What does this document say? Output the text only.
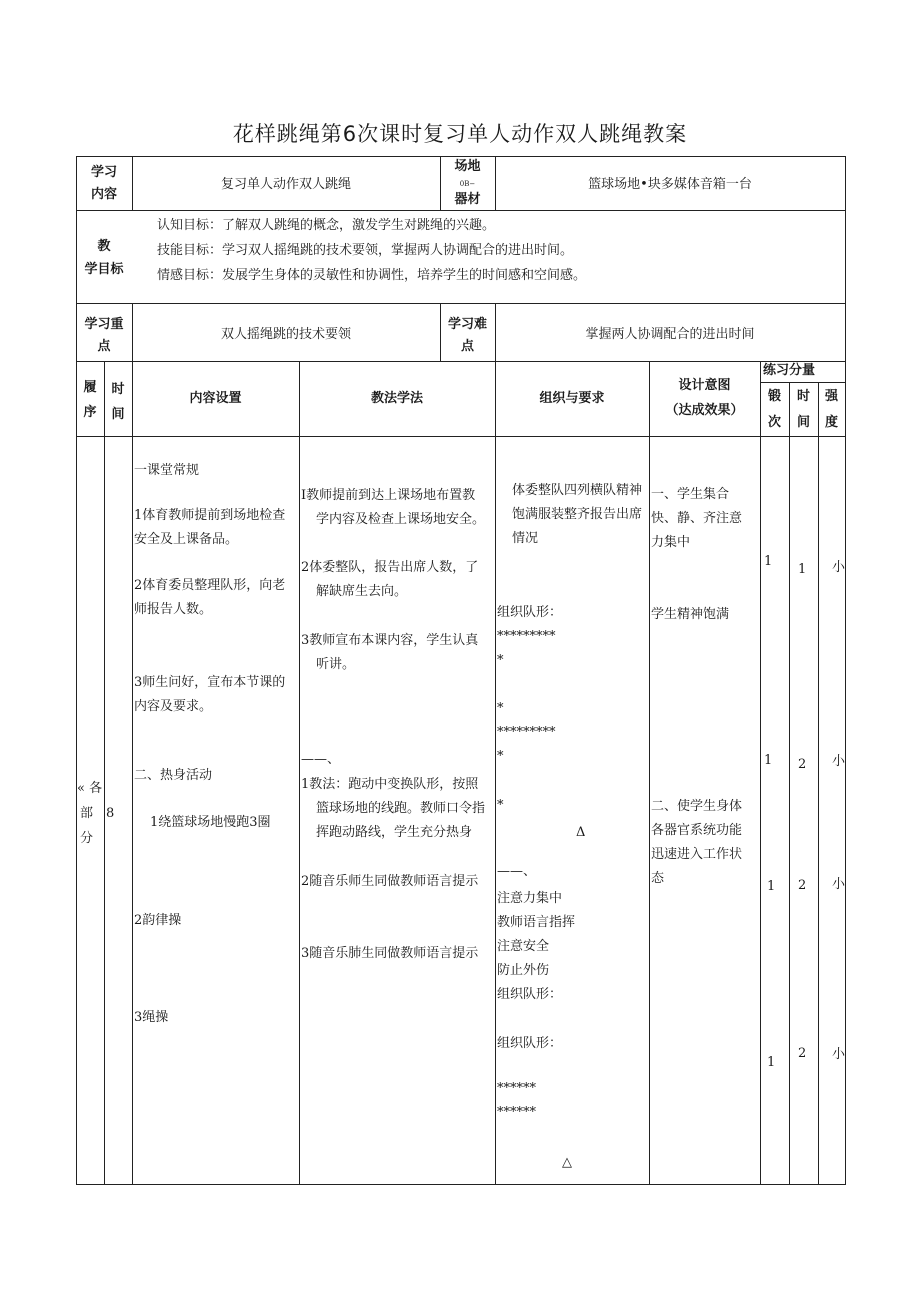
花样跳绳第6次课时复习单人动作双人跳绳教案
学习
内容
复习单人动作双人跳绳
场地
0B−
器材
篮球场地•块多媒体音箱一台
教
学目标
认知目标：了解双人跳绳的概念，激发学生对跳绳的兴趣。
技能目标：学习双人摇绳跳的技术要领，掌握两人协调配合的进出时间。
情感目标：发展学生身体的灵敏性和协调性，培养学生的时间感和空间感。
学习重
点
双人摇绳跳的技术要领
学习难
点
掌握两人协调配合的进出时间
履
序
时
间
内容设置	教法学法	组织与要求
设计意图
（达成效果）
练习分量
锻
次
时
间
强
度
« 各
部
分
8
一课堂常规
1体育教师提前到场地检查
安全及上课备品。
2体育委员整理队形，向老
师报告人数。
3师生问好，宣布本节课的
内容及要求。
二、热身活动
1绕篮球场地慢跑3圈
2韵律操
3绳操
I教师提前到达上课场地布置教
学内容及检查上课场地安全。
2体委整队，报告出席人数，了
解缺席生去向。
3教师宣布本课内容，学生认真
听讲。
——、
1教法：跑动中变换队形，按照
篮球场地的线跑。教师口令指
挥跑动路线，学生充分热身
2随音乐师生同做教师语言提示
3随音乐肺生同做教师语言提示
体委整队四列横队精神
饱满服装整齐报告出席
情况
组织队形：
*********
*
*
*********
*
*
Δ
——、
注意力集中
教师语言指挥
注意安全
防止外伤
组织队形：
组织队形：
******
******
△
一、学生集合
快、静、齐注意
力集中
学生精神饱满
二、使学生身体
各器官系统功能
迅速进入工作状
态
1
1 小
1 2 小
1 2 小
1
2 小
